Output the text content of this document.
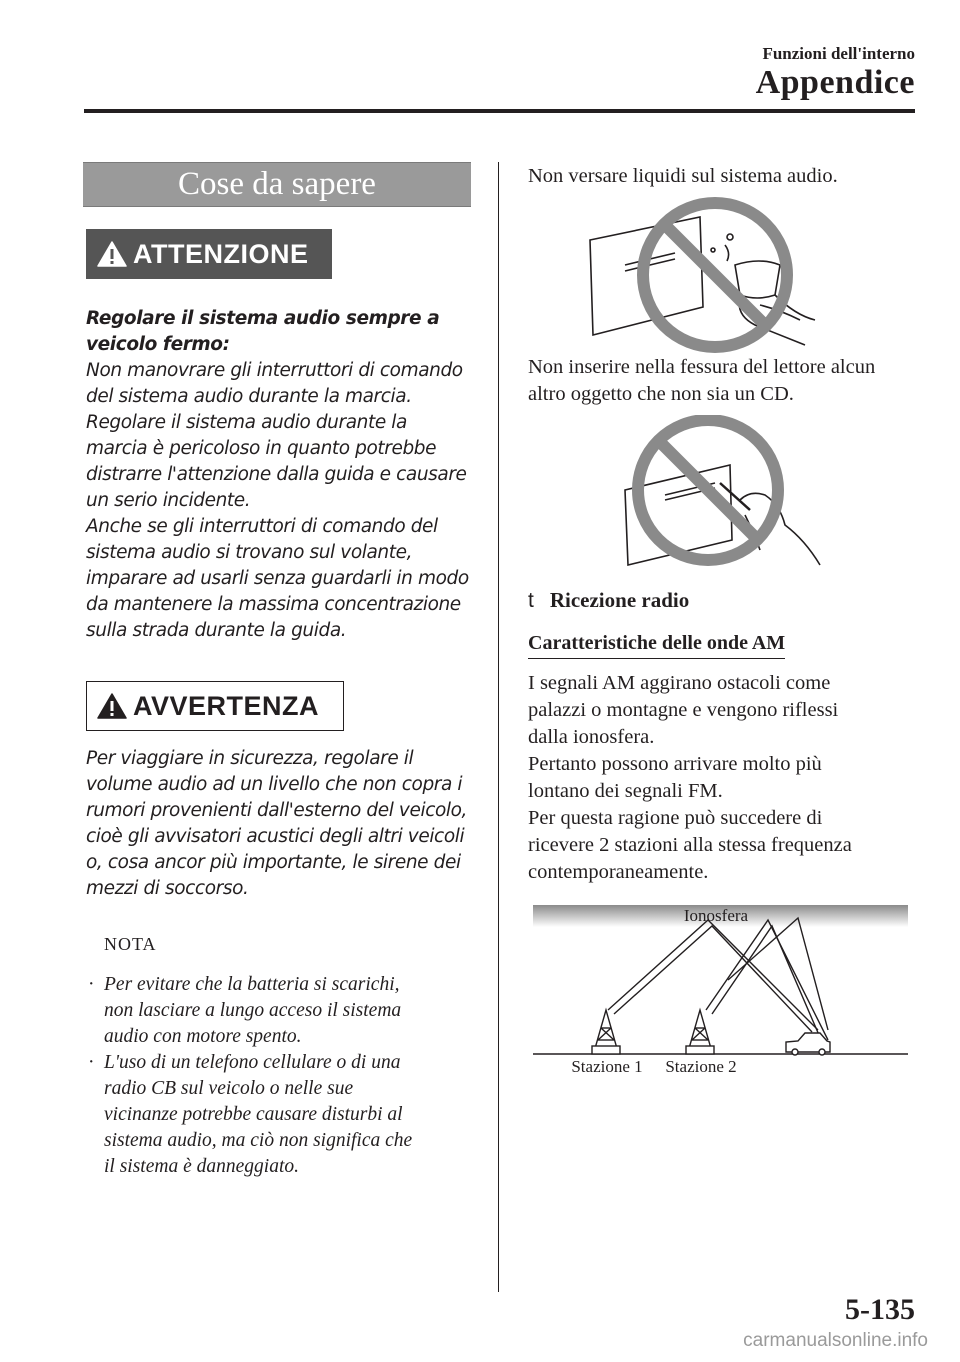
Funzioni dell'interno
Appendice
Cose da sapere
ATTENZIONE
Regolare il sistema audio sempre a veicolo fermo:
Non manovrare gli interruttori di comando
del sistema audio durante la marcia.
Regolare il sistema audio durante la
marcia è pericoloso in quanto potrebbe
distrarre l'attenzione dalla guida e causare
un serio incidente.
Anche se gli interruttori di comando del
sistema audio si trovano sul volante,
imparare ad usarli senza guardarli in modo
da mantenere la massima concentrazione
sulla strada durante la guida.
AVVERTENZA
Per viaggiare in sicurezza, regolare il
volume audio ad un livello che non copra i
rumori provenienti dall'esterno del veicolo,
cioè gli avvisatori acustici degli altri veicoli
o, cosa ancor più importante, le sirene dei
mezzi di soccorso.
NOTA
· Per evitare che la batteria si scarichi,
non lasciare a lungo acceso il sistema
audio con motore spento.
· L'uso di un telefono cellulare o di una
radio CB sul veicolo o nelle sue
vicinanze potrebbe causare disturbi al
sistema audio, ma ciò non significa che
il sistema è danneggiato.
Non versare liquidi sul sistema audio.
Non inserire nella fessura del lettore alcun
altro oggetto che non sia un CD.
t Ricezione radio
Caratteristiche delle onde AM
I segnali AM aggirano ostacoli come
palazzi o montagne e vengono riflessi
dalla ionosfera.
Pertanto possono arrivare molto più
lontano dei segnali FM.
Per questa ragione può succedere di
ricevere 2 stazioni alla stessa frequenza
contemporaneamente.
Ionosfera
Stazione 1 Stazione 2
5-135
carmanualsonline.info
